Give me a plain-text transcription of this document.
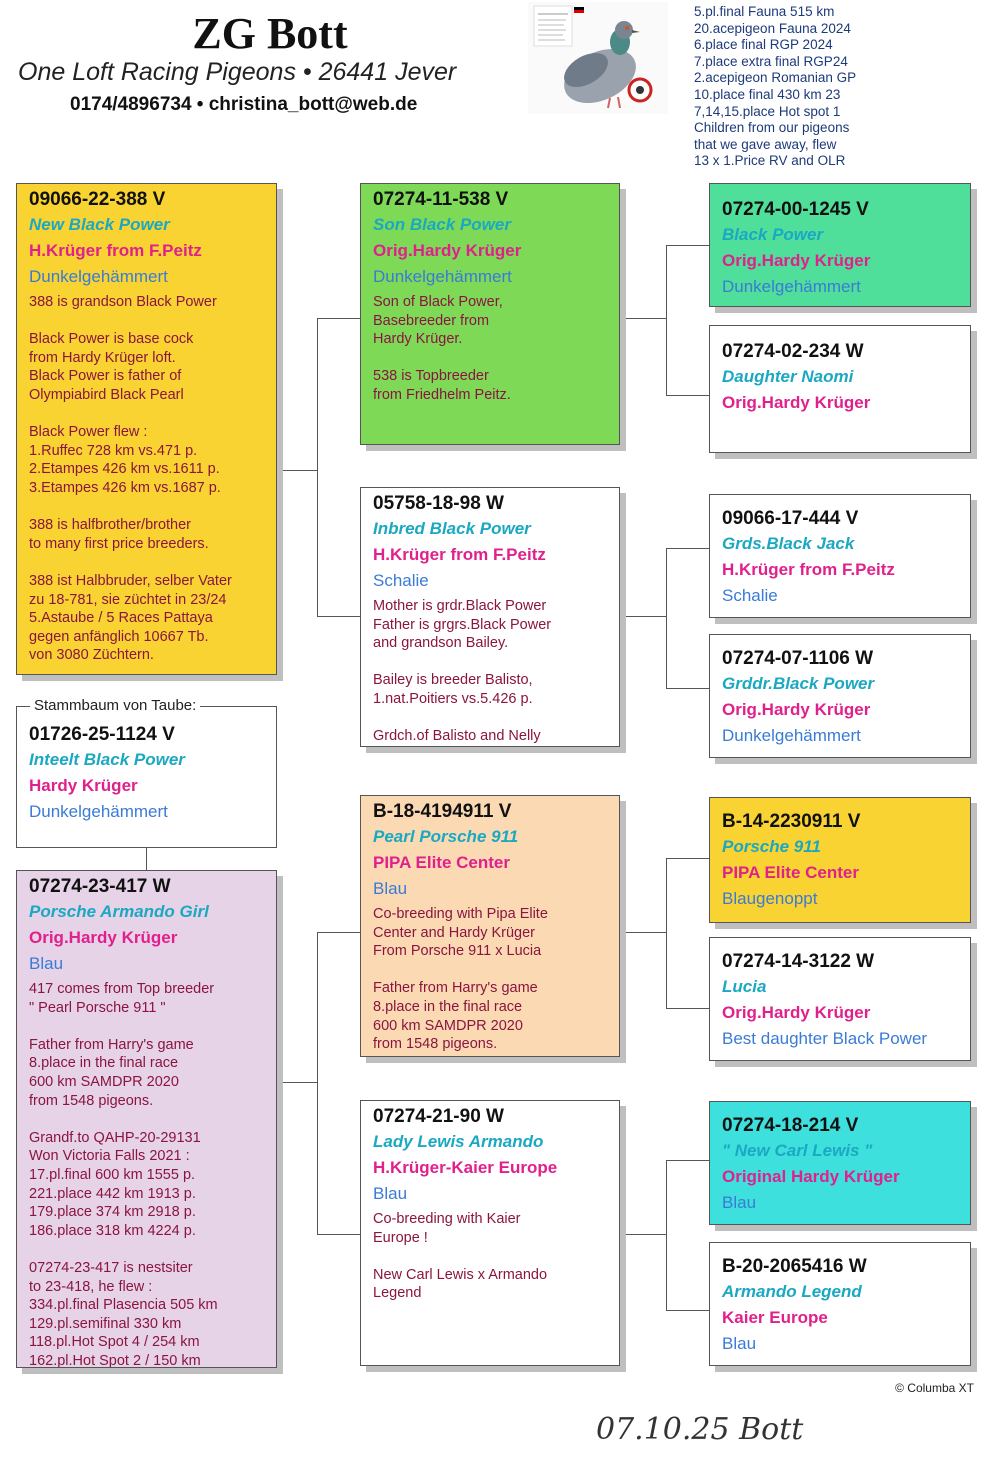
ZG Bott
One Loft Racing Pigeons • 26441 Jever
0174/4896734 • christina_bott@web.de
5.pl.final Fauna 515 km
20.acepigeon Fauna 2024
6.place final RGP 2024
7.place extra final RGP24
2.acepigeon Romanian GP
10.place final 430 km 23
7,14,15.place Hot spot 1
Children from our pigeons
that we gave away, flew
13 x 1.Price RV and OLR
09066-22-388 V
New Black Power
H.Krüger from F.Peitz
Dunkelgehämmert
388 is grandson Black Power
Black Power is base cock
from Hardy Krüger loft.
Black Power is father of
Olympiabird Black Pearl
Black Power flew :
1.Ruffec 728 km vs.471 p.
2.Etampes 426 km vs.1611 p.
3.Etampes 426 km vs.1687 p.
388 is halfbrother/brother
to many first price breeders.
388 ist Halbbruder, selber Vater
zu 18-781, sie züchtet in 23/24
5.Astaube / 5 Races Pattaya
gegen anfänglich 10667 Tb.
von 3080 Züchtern.
01726-25-1124 V
Inteelt Black Power
Hardy Krüger
Dunkelgehämmert
Stammbaum von Taube:
07274-23-417 W
Porsche Armando Girl
Orig.Hardy Krüger
Blau
417 comes from Top breeder
" Pearl Porsche 911 "
Father from Harry's game
8.place in the final race
600 km SAMDPR 2020
from 1548 pigeons.
Grandf.to QAHP-20-29131
Won Victoria Falls 2021 :
17.pl.final 600 km 1555 p.
221.place 442 km 1913 p.
179.place 374 km 2918 p.
186.place 318 km 4224 p.
07274-23-417 is nestsiter
to 23-418, he flew :
334.pl.final Plasencia 505 km
129.pl.semifinal 330 km
118.pl.Hot Spot 4 / 254 km
162.pl.Hot Spot 2 / 150 km
07274-11-538 V
Son Black Power
Orig.Hardy Krüger
Dunkelgehämmert
Son of Black Power,
Basebreeder from
Hardy Krüger.
538 is Topbreeder
from Friedhelm Peitz.
05758-18-98 W
Inbred Black Power
H.Krüger from F.Peitz
Schalie
Mother is grdr.Black Power
Father is grgrs.Black Power
and grandson Bailey.
Bailey is breeder Balisto,
1.nat.Poitiers vs.5.426 p.
Grdch.of Balisto and Nelly
B-18-4194911 V
Pearl Porsche 911
PIPA Elite Center
Blau
Co-breeding with Pipa Elite
Center and Hardy Krüger
From Porsche 911 x Lucia
Father from Harry's game
8.place in the final race
600 km SAMDPR 2020
from 1548 pigeons.
07274-21-90 W
Lady Lewis Armando
H.Krüger-Kaier Europe
Blau
Co-breeding with Kaier
Europe !
New Carl Lewis x Armando
Legend
07274-00-1245 V
Black Power
Orig.Hardy Krüger
Dunkelgehämmert
07274-02-234 W
Daughter Naomi
Orig.Hardy Krüger
09066-17-444 V
Grds.Black Jack
H.Krüger from F.Peitz
Schalie
07274-07-1106 W
Grddr.Black Power
Orig.Hardy Krüger
Dunkelgehämmert
B-14-2230911 V
Porsche 911
PIPA Elite Center
Blaugenoppt
07274-14-3122 W
Lucia
Orig.Hardy Krüger
Best daughter Black Power
07274-18-214 V
" New Carl Lewis "
Original Hardy Krüger
Blau
B-20-2065416 W
Armando Legend
Kaier Europe
Blau
© Columba XT
07.10.25 Bott
